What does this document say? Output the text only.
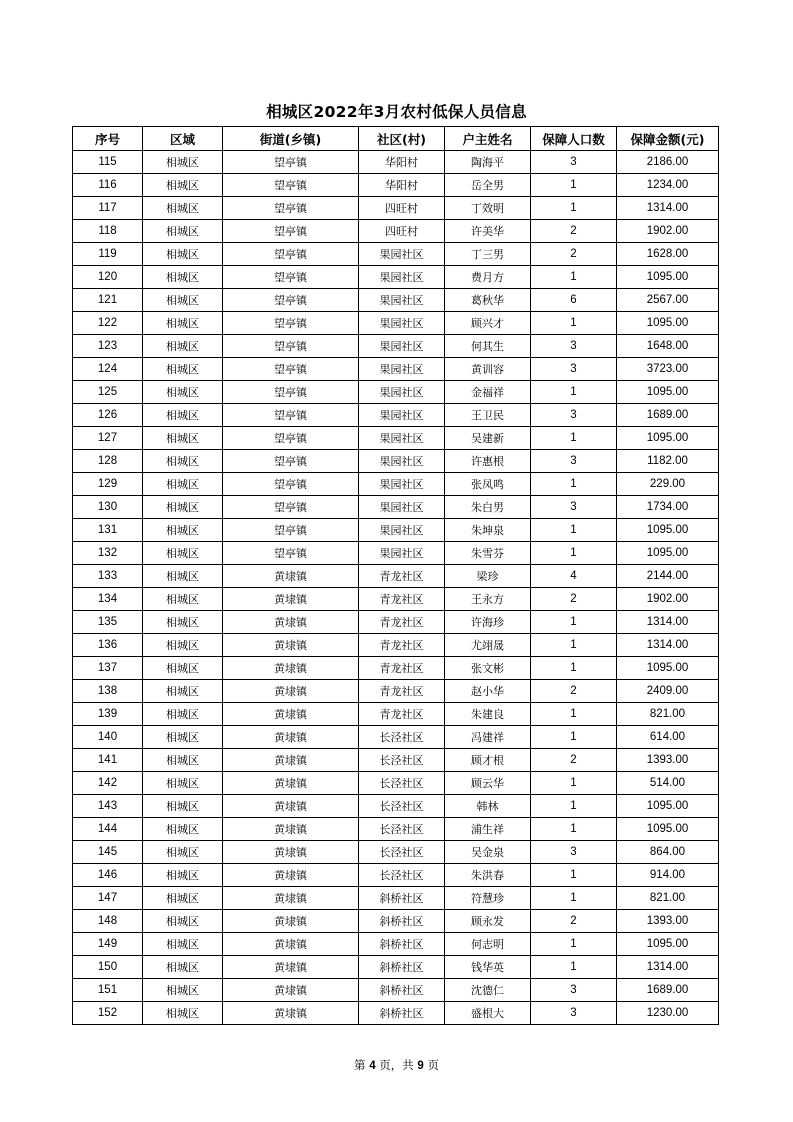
相城区2022年3月农村低保人员信息
序号	区域	街道(乡镇)	社区(村)	户主姓名	保障人口数	保障金额(元)
115	相城区	望亭镇	华阳村	陶海平	3	2186.00
116	相城区	望亭镇	华阳村	岳全男	1	1234.00
117	相城区	望亭镇	四旺村	丁效明	1	1314.00
118	相城区	望亭镇	四旺村	许美华	2	1902.00
119	相城区	望亭镇	果园社区	丁三男	2	1628.00
120	相城区	望亭镇	果园社区	费月方	1	1095.00
121	相城区	望亭镇	果园社区	葛秋华	6	2567.00
122	相城区	望亭镇	果园社区	顾兴才	1	1095.00
123	相城区	望亭镇	果园社区	何其生	3	1648.00
124	相城区	望亭镇	果园社区	黄训容	3	3723.00
125	相城区	望亭镇	果园社区	金福祥	1	1095.00
126	相城区	望亭镇	果园社区	王卫民	3	1689.00
127	相城区	望亭镇	果园社区	吴建新	1	1095.00
128	相城区	望亭镇	果园社区	许惠根	3	1182.00
129	相城区	望亭镇	果园社区	张凤鸣	1	229.00
130	相城区	望亭镇	果园社区	朱白男	3	1734.00
131	相城区	望亭镇	果园社区	朱坤泉	1	1095.00
132	相城区	望亭镇	果园社区	朱雪芬	1	1095.00
133	相城区	黄埭镇	青龙社区	梁珍	4	2144.00
134	相城区	黄埭镇	青龙社区	王永方	2	1902.00
135	相城区	黄埭镇	青龙社区	许海珍	1	1314.00
136	相城区	黄埭镇	青龙社区	尤翊晟	1	1314.00
137	相城区	黄埭镇	青龙社区	张文彬	1	1095.00
138	相城区	黄埭镇	青龙社区	赵小华	2	2409.00
139	相城区	黄埭镇	青龙社区	朱建良	1	821.00
140	相城区	黄埭镇	长泾社区	冯建祥	1	614.00
141	相城区	黄埭镇	长泾社区	顾才根	2	1393.00
142	相城区	黄埭镇	长泾社区	顾云华	1	514.00
143	相城区	黄埭镇	长泾社区	韩林	1	1095.00
144	相城区	黄埭镇	长泾社区	浦生祥	1	1095.00
145	相城区	黄埭镇	长泾社区	吴金泉	3	864.00
146	相城区	黄埭镇	长泾社区	朱洪春	1	914.00
147	相城区	黄埭镇	斜桥社区	符慧珍	1	821.00
148	相城区	黄埭镇	斜桥社区	顾永发	2	1393.00
149	相城区	黄埭镇	斜桥社区	何志明	1	1095.00
150	相城区	黄埭镇	斜桥社区	钱华英	1	1314.00
151	相城区	黄埭镇	斜桥社区	沈德仁	3	1689.00
152	相城区	黄埭镇	斜桥社区	盛根大	3	1230.00
第 4 页，共 9 页
